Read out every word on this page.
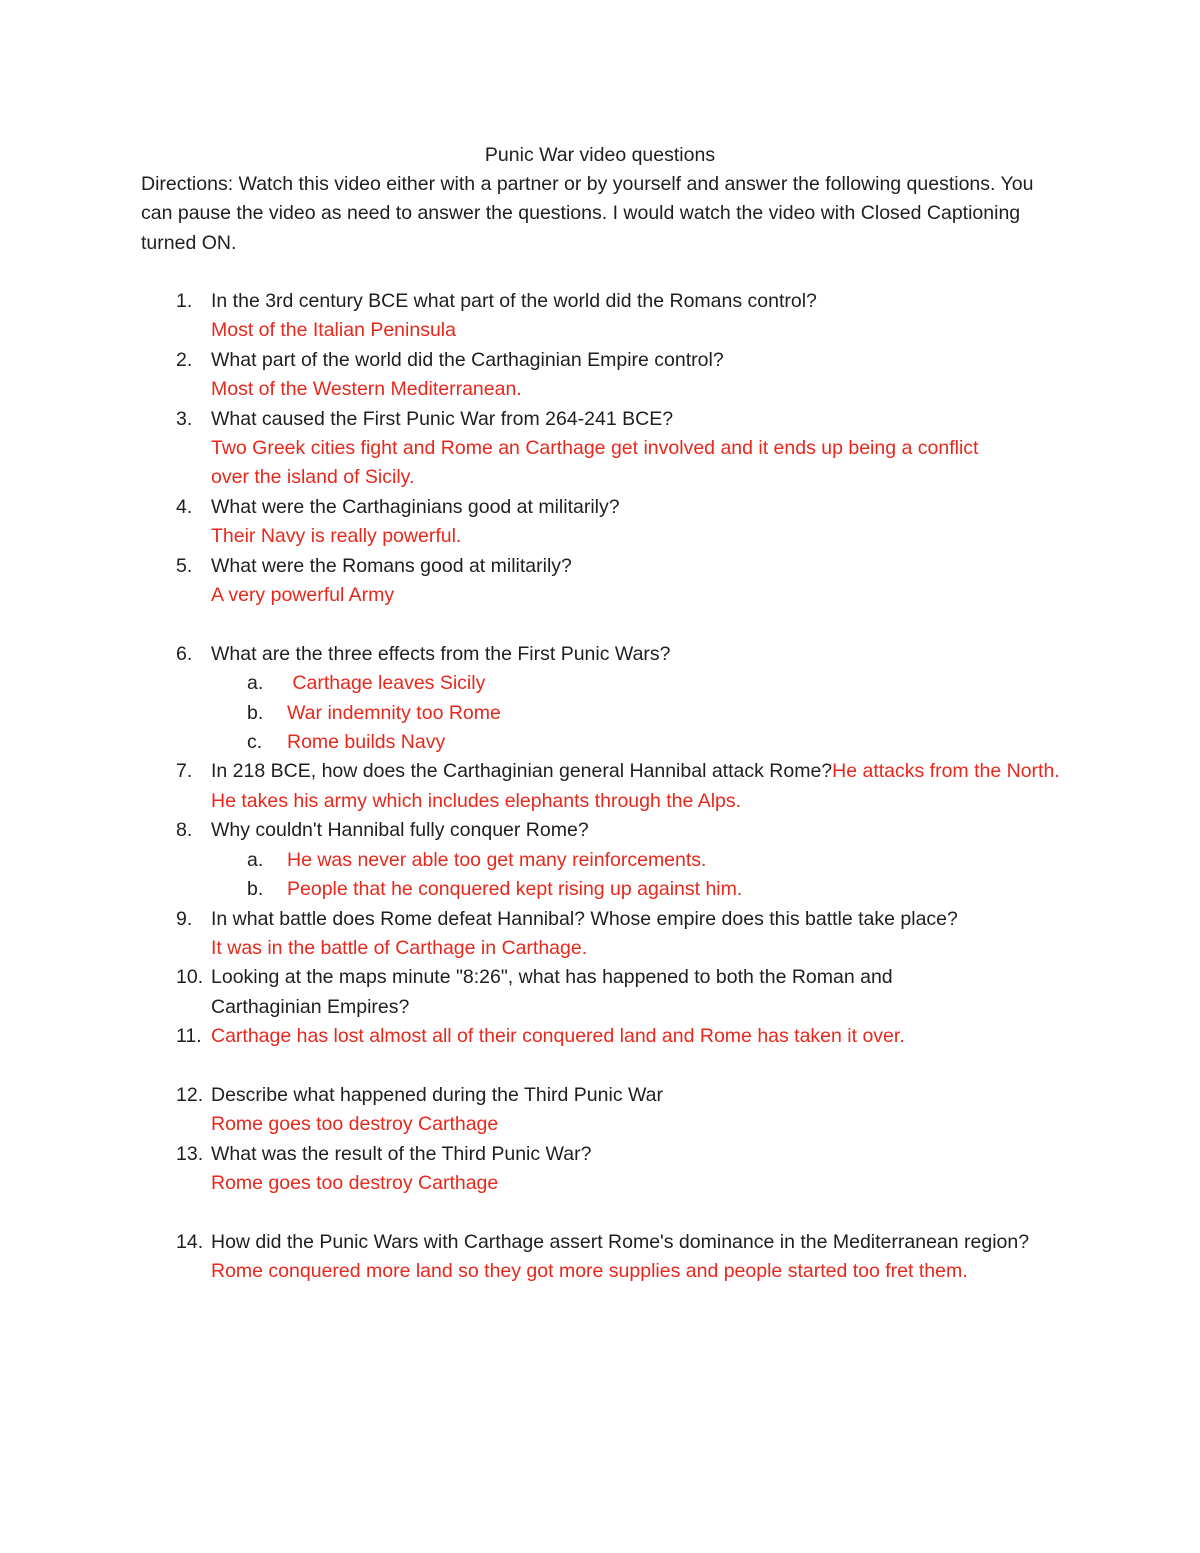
Punic War video questions
Directions: Watch this video either with a partner or by yourself and answer the following questions. You can pause the video as need to answer the questions. I would watch the video with Closed Captioning turned ON.
1. In the 3rd century BCE what part of the world did the Romans control?
Most of the Italian Peninsula
2. What part of the world did the Carthaginian Empire control?
Most of the Western Mediterranean.
3. What caused the First Punic War from 264-241 BCE?
Two Greek cities fight and Rome an Carthage get involved and it ends up being a conflict over the island of Sicily.
4. What were the Carthaginians good at militarily?
Their Navy is really powerful.
5. What were the Romans good at militarily?
A very powerful Army
6. What are the three effects from the First Punic Wars?
a. Carthage leaves Sicily
b. War indemnity too Rome
c. Rome builds Navy
7. In 218 BCE, how does the Carthaginian general Hannibal attack Rome?He attacks from the North. He takes his army which includes elephants through the Alps.
8. Why couldn't Hannibal fully conquer Rome?
a. He was never able too get many reinforcements.
b. People that he conquered kept rising up against him.
9. In what battle does Rome defeat Hannibal? Whose empire does this battle take place?
It was in the battle of Carthage in Carthage.
10. Looking at the maps minute "8:26", what has happened to both the Roman and Carthaginian Empires?
11. Carthage has lost almost all of their conquered land and Rome has taken it over.
12. Describe what happened during the Third Punic War
Rome goes too destroy Carthage
13. What was the result of the Third Punic War?
Rome goes too destroy Carthage
14. How did the Punic Wars with Carthage assert Rome's dominance in the Mediterranean region?
Rome conquered more land so they got more supplies and people started too fret them.
